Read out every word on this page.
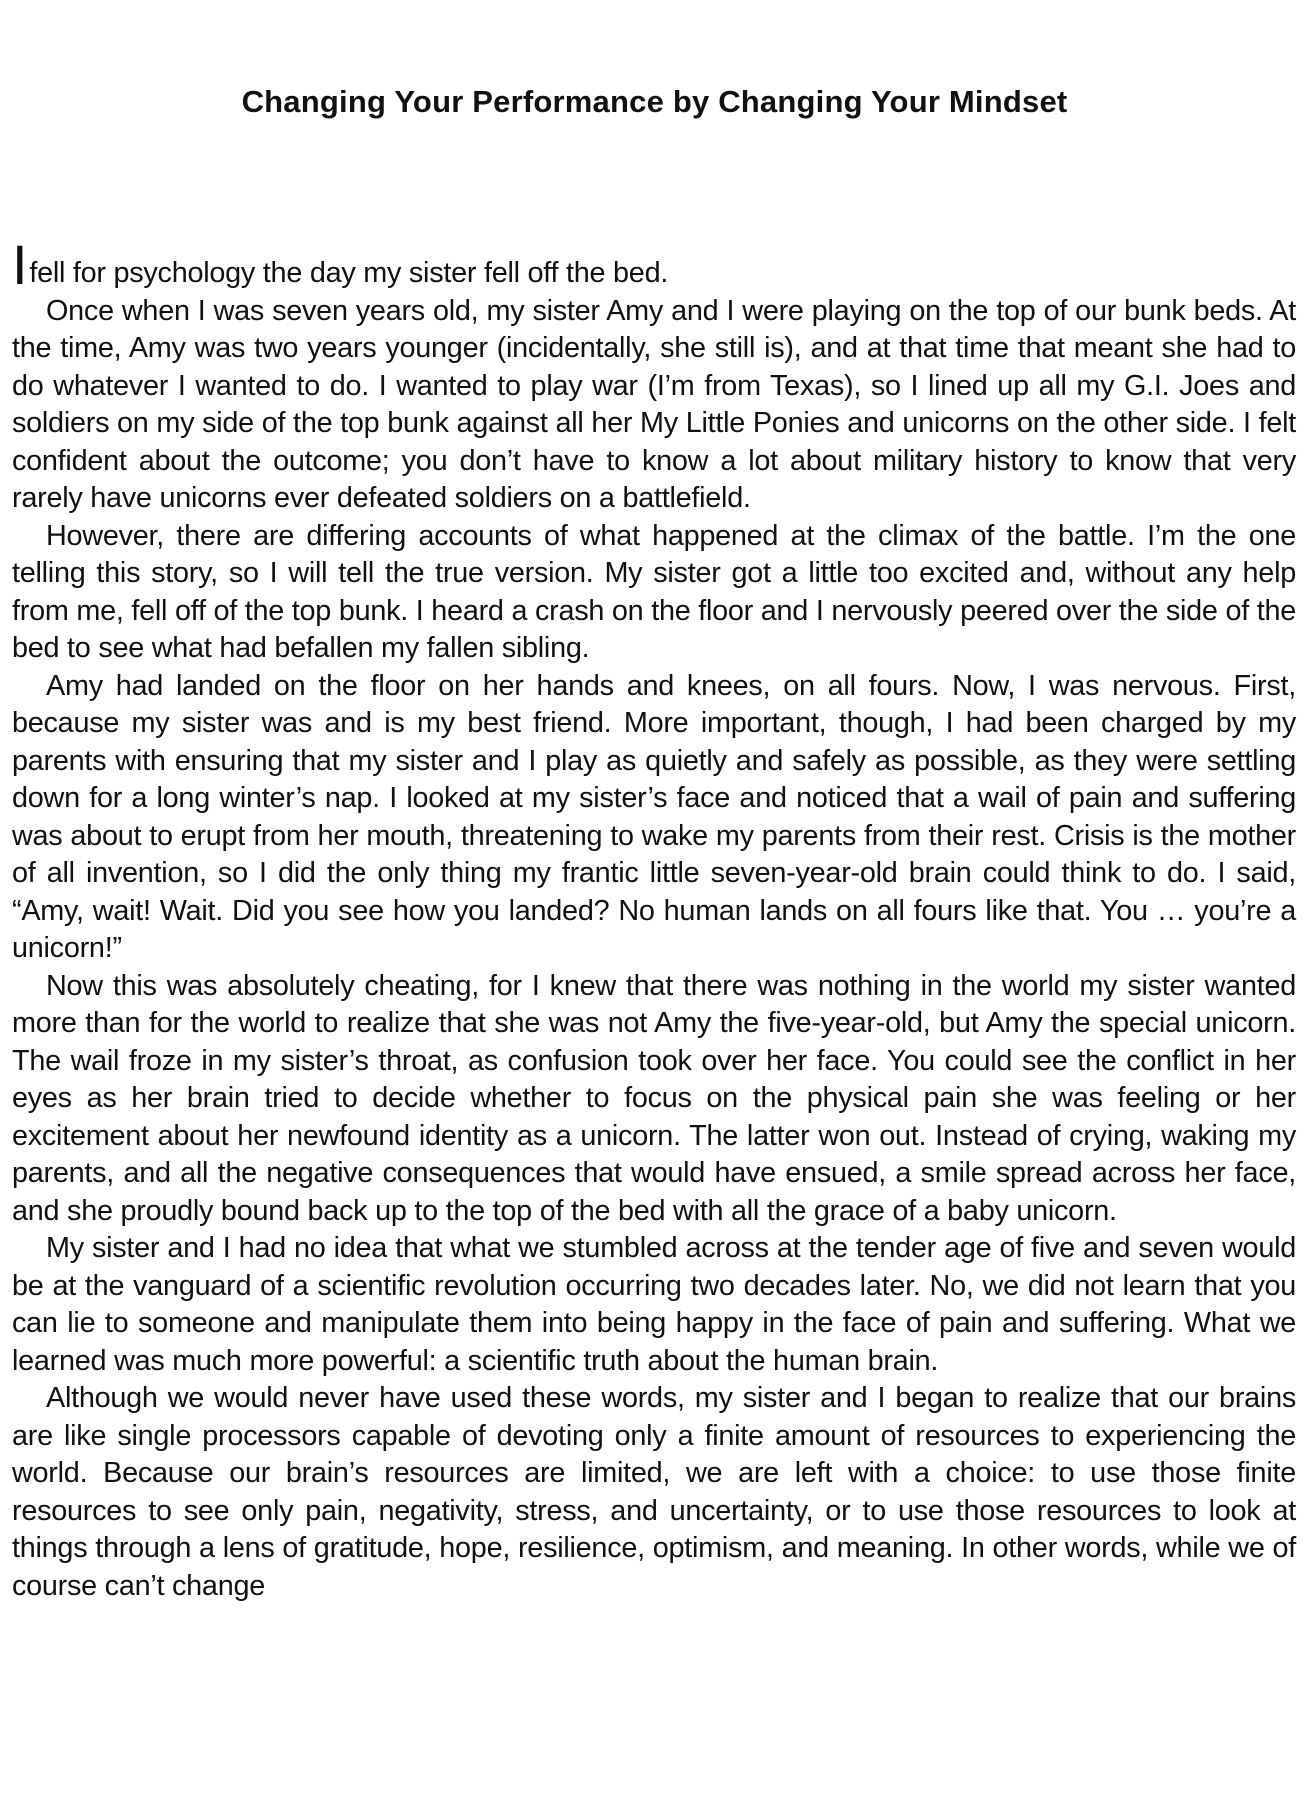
Changing Your Performance by Changing Your Mindset

Ifell for psychology the day my sister fell off the bed.

Once when I was seven years old, my sister Amy and I were playing on the top of our bunk beds. At the time, Amy was two years younger (incidentally, she still is), and at that time that meant she had to do whatever I wanted to do. I wanted to play war (I’m from Texas), so I lined up all my G.I. Joes and soldiers on my side of the top bunk against all her My Little Ponies and unicorns on the other side. I felt confident about the outcome; you don’t have to know a lot about military history to know that very rarely have unicorns ever defeated soldiers on a battlefield.

However, there are differing accounts of what happened at the climax of the battle. I’m the one telling this story, so I will tell the true version. My sister got a little too excited and, without any help from me, fell off of the top bunk. I heard a crash on the floor and I nervously peered over the side of the bed to see what had befallen my fallen sibling.

Amy had landed on the floor on her hands and knees, on all fours. Now, I was nervous. First, because my sister was and is my best friend. More important, though, I had been charged by my parents with ensuring that my sister and I play as quietly and safely as possible, as they were settling down for a long winter’s nap. I looked at my sister’s face and noticed that a wail of pain and suffering was about to erupt from her mouth, threatening to wake my parents from their rest. Crisis is the mother of all invention, so I did the only thing my frantic little seven-year-old brain could think to do. I said, “Amy, wait! Wait. Did you see how you landed? No human lands on all fours like that. You … you’re a unicorn!”

Now this was absolutely cheating, for I knew that there was nothing in the world my sister wanted more than for the world to realize that she was not Amy the five-year-old, but Amy the special unicorn. The wail froze in my sister’s throat, as confusion took over her face. You could see the conflict in her eyes as her brain tried to decide whether to focus on the physical pain she was feeling or her excitement about her newfound identity as a unicorn. The latter won out. Instead of crying, waking my parents, and all the negative consequences that would have ensued, a smile spread across her face, and she proudly bound back up to the top of the bed with all the grace of a baby unicorn.

My sister and I had no idea that what we stumbled across at the tender age of five and seven would be at the vanguard of a scientific revolution occurring two decades later. No, we did not learn that you can lie to someone and manipulate them into being happy in the face of pain and suffering. What we learned was much more powerful: a scientific truth about the human brain.

Although we would never have used these words, my sister and I began to realize that our brains are like single processors capable of devoting only a finite amount of resources to experiencing the world. Because our brain’s resources are limited, we are left with a choice: to use those finite resources to see only pain, negativity, stress, and uncertainty, or to use those resources to look at things through a lens of gratitude, hope, resilience, optimism, and meaning. In other words, while we of course can’t change
